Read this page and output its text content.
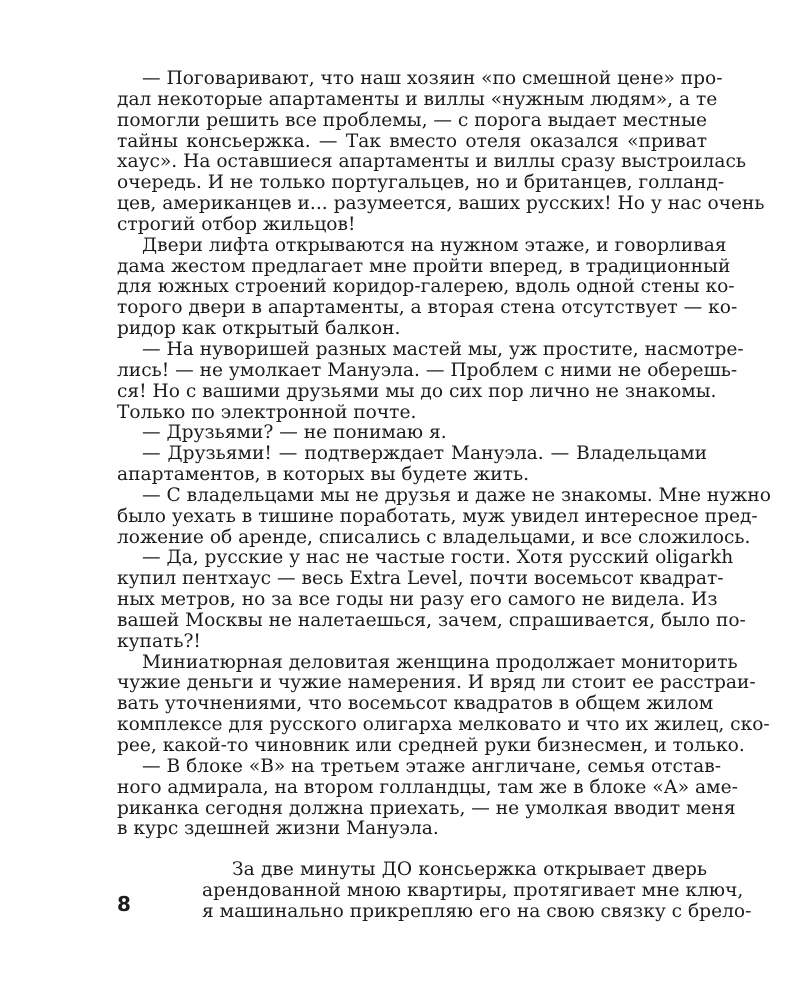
— Поговаривают, что наш хозяин «по смешной цене» про-
дал некоторые апартаменты и виллы «нужным людям», а те
помогли решить все проблемы, — с порога выдает местные
тайны консьержка. — Так вместо отеля оказался «приват
хаус». На оставшиеся апартаменты и виллы сразу выстроилась
очередь. И не только португальцев, но и британцев, голланд-
цев, американцев и... разумеется, ваших русских! Но у нас очень
строгий отбор жильцов!
Двери лифта открываются на нужном этаже, и говорливая
дама жестом предлагает мне пройти вперед, в традиционный
для южных строений коридор-галерею, вдоль одной стены ко-
торого двери в апартаменты, а вторая стена отсутствует — ко-
ридор как открытый балкон.
— На нуворишей разных мастей мы, уж простите, насмотре-
лись! — не умолкает Мануэла. — Проблем с ними не оберешь-
ся! Но с вашими друзьями мы до сих пор лично не знакомы.
Только по электронной почте.
— Друзьями? — не понимаю я.
— Друзьями! — подтверждает Мануэла. — Владельцами
апартаментов, в которых вы будете жить.
— С владельцами мы не друзья и даже не знакомы. Мне нужно
было уехать в тишине поработать, муж увидел интересное пред-
ложение об аренде, списались с владельцами, и все сложилось.
— Да, русские у нас не частые гости. Хотя русский oligarkh
купил пентхаус — весь Extra Level, почти восемьсот квадрат-
ных метров, но за все годы ни разу его самого не видела. Из
вашей Москвы не налетаешься, зачем, спрашивается, было по-
купать?!
Миниатюрная деловитая женщина продолжает мониторить
чужие деньги и чужие намерения. И вряд ли стоит ее расстраи-
вать уточнениями, что восемьсот квадратов в общем жилом
комплексе для русского олигарха мелковато и что их жилец, ско-
рее, какой-то чиновник или средней руки бизнесмен, и только.
— В блоке «В» на третьем этаже англичане, семья отстав-
ного адмирала, на втором голландцы, там же в блоке «А» аме-
риканка сегодня должна приехать, — не умолкая вводит меня
в курс здешней жизни Мануэла.
За две минуты ДО консьержка открывает дверь
арендованной мною квартиры, протягивает мне ключ,
я машинально прикрепляю его на свою связку с брело-
8
